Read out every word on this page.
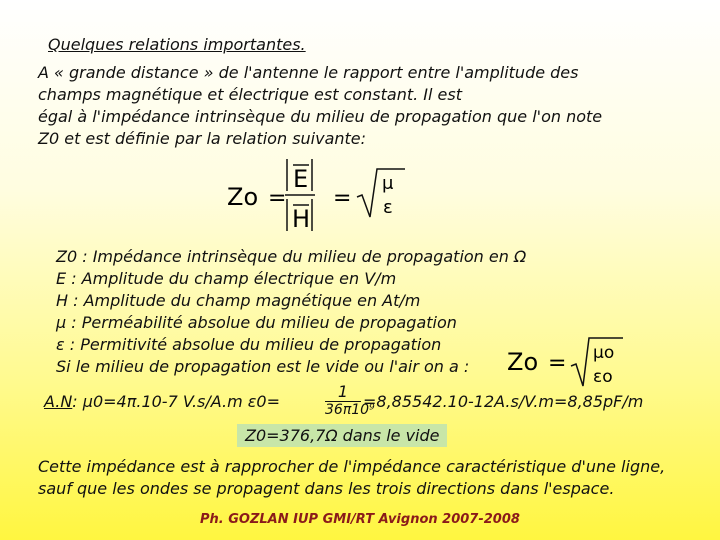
Quelques relations importantes.
A « grande distance » de l'antenne le rapport entre l'amplitude des
champs magnétique et électrique est constant. Il est
égal à l'impédance intrinsèque du milieu de propagation que l'on note
Z0 et est définie par la relation suivante:
Zo =
E
H
=
μ
ε
Z0 : Impédance intrinsèque du milieu de propagation en Ω
E : Amplitude du champ électrique en V/m
H : Amplitude du champ magnétique en At/m
μ : Perméabilité absolue du milieu de propagation
ε : Permitivité absolue du milieu de propagation
Si le milieu de propagation est le vide ou l'air on a :	Zo = μo
εo
A.N: μ0=4π.10-7 V.s/A.m ε0=	$\frac{1}{\text{36π10⁹}} =8,85542.10-12A.s/V.m=8,85pF/m$
Z0=376,7Ω dans le vide
Cette impédance est à rapprocher de l'impédance caractéristique d'une ligne,
sauf que les ondes se propagent dans les trois directions dans l'espace.
Ph. GOZLAN IUP GMI/RT Avignon 2007-2008
